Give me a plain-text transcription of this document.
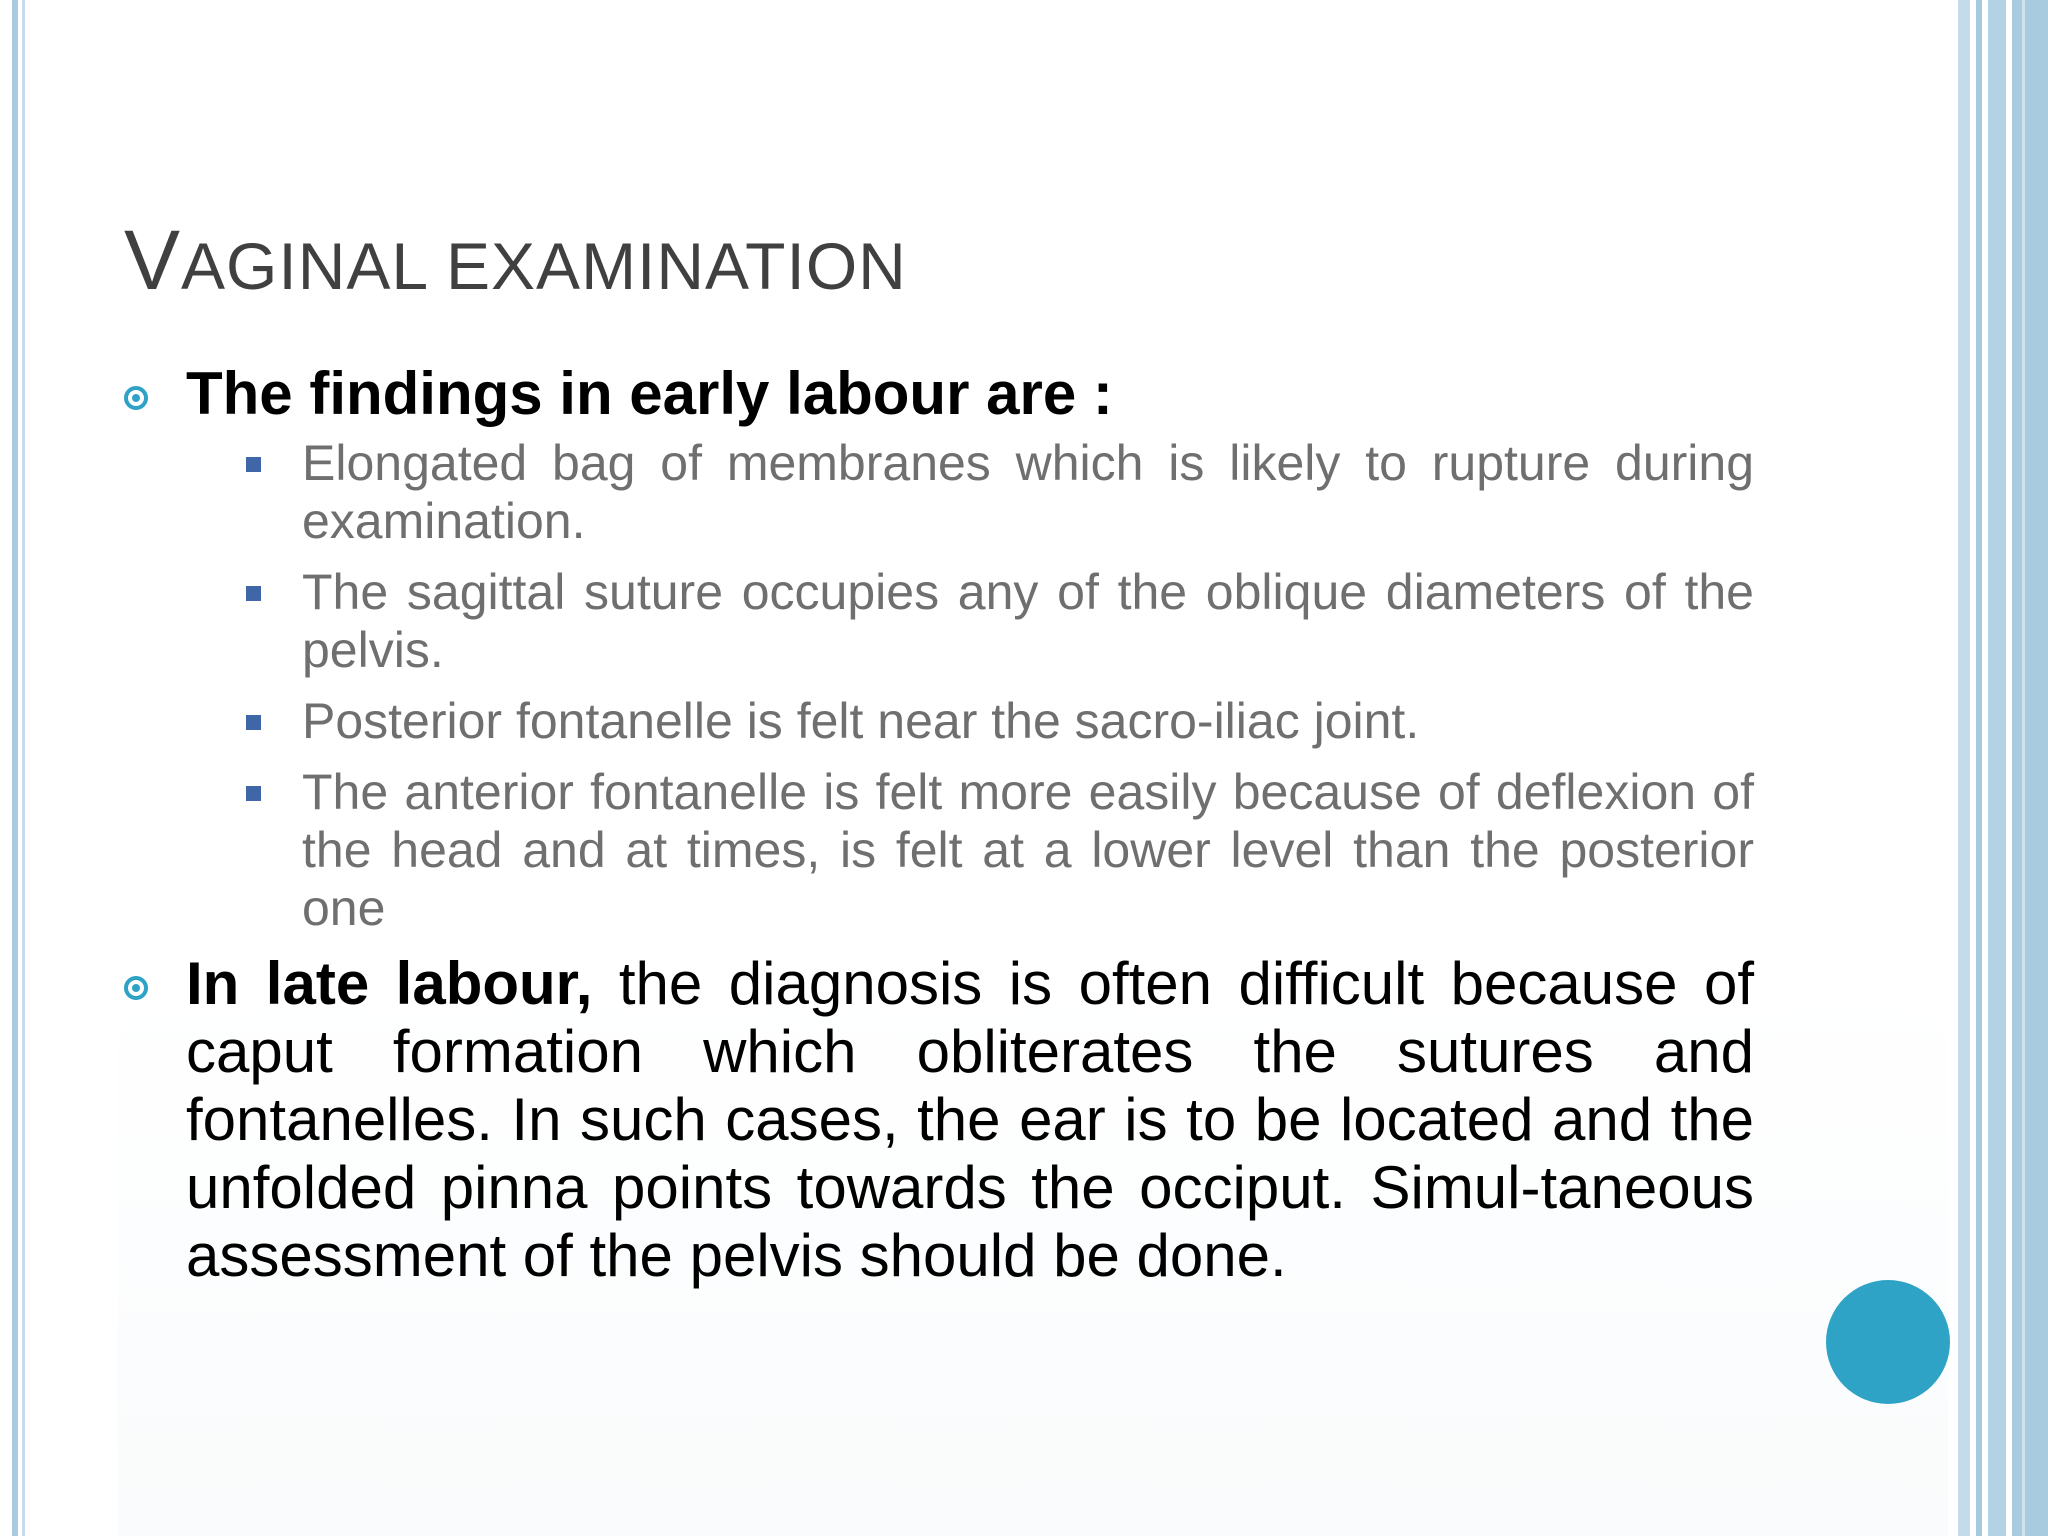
VAGINAL EXAMINATION
The findings in early labour are :
Elongated bag of membranes which is likely to rupture during examination.
The sagittal suture occupies any of the oblique diameters of the pelvis.
Posterior fontanelle is felt near the sacro-iliac joint.
The anterior fontanelle is felt more easily because of deflexion of the head and at times, is felt at a lower level than the posterior one
In late labour, the diagnosis is often difficult because of caput formation which obliterates the sutures and fontanelles. In such cases, the ear is to be located and the unfolded pinna points towards the occiput. Simul-taneous assessment of the pelvis should be done.
